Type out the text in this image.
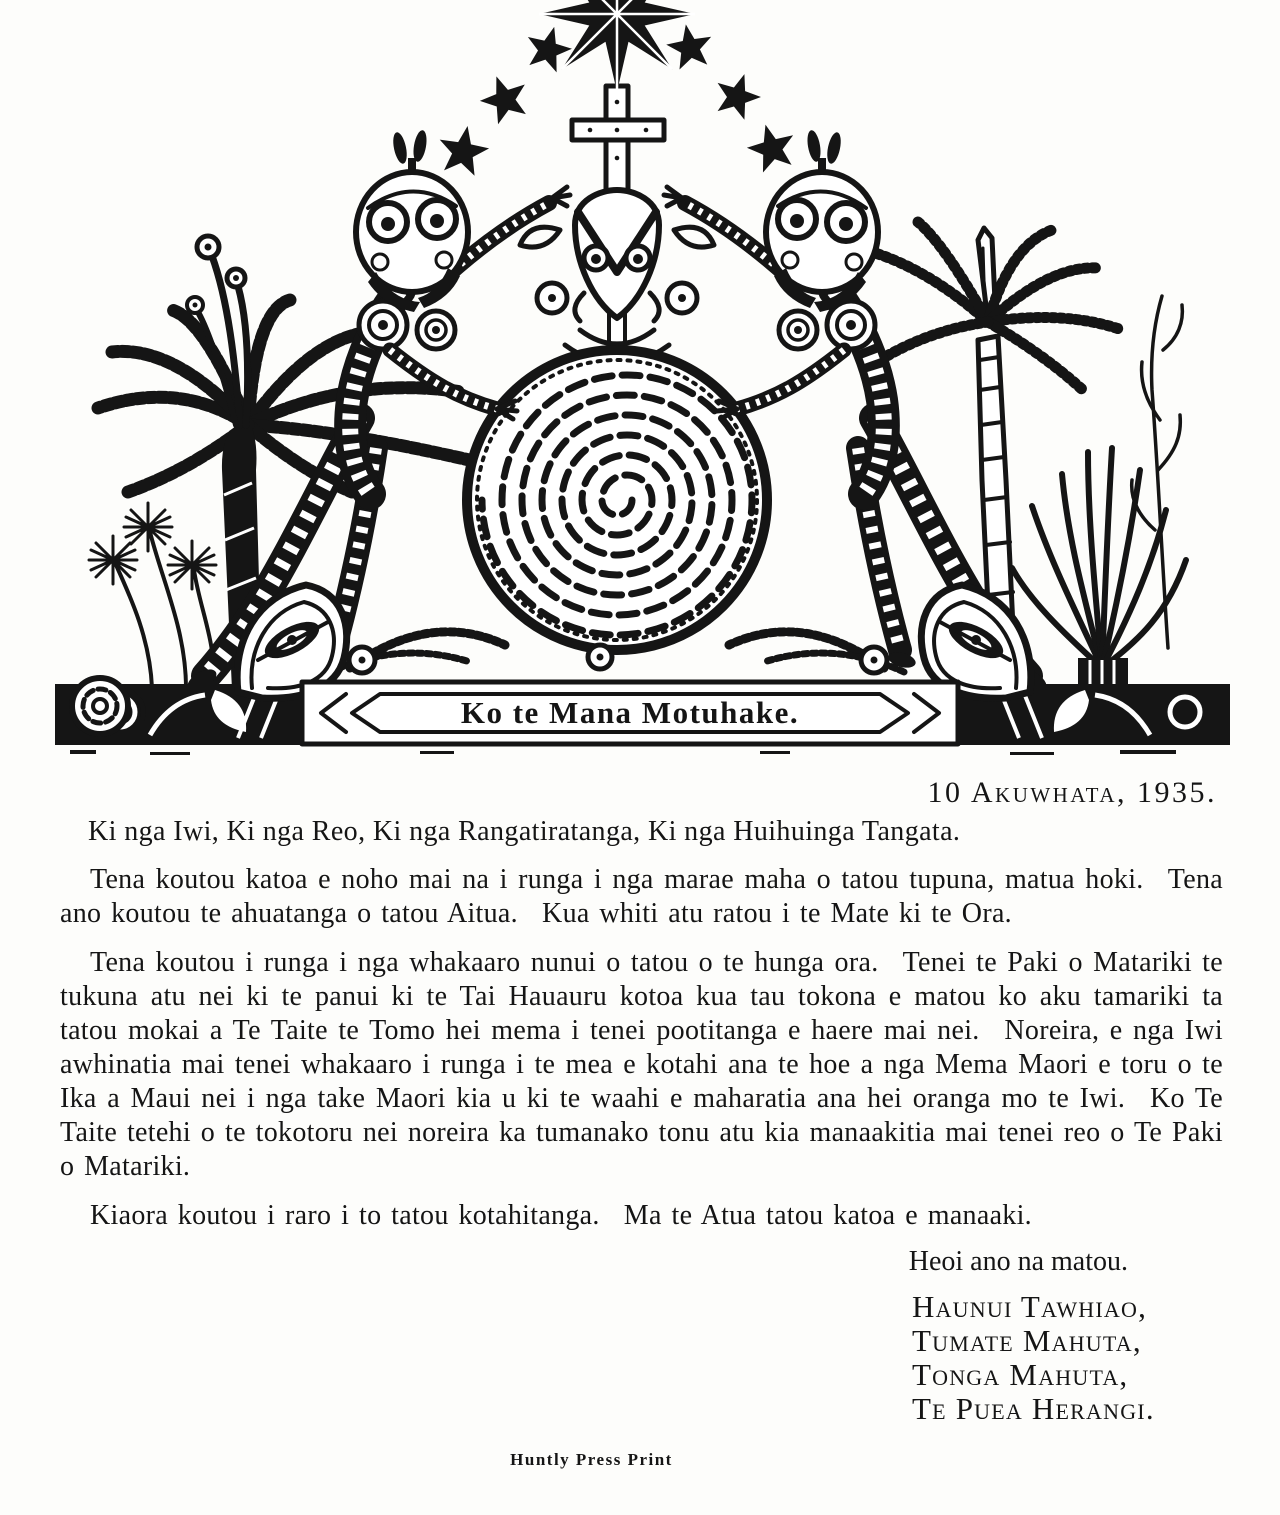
Ko te Mana Motuhake.
10 Akuwhata, 1935.

Ki nga Iwi, Ki nga Reo, Ki nga Rangatiratanga, Ki nga Huihuinga Tangata.

Tena koutou katoa e noho mai na i runga i nga marae maha o tatou tupuna, matua hoki.  Tena ano koutou te ahuatanga o tatou Aitua.  Kua whiti atu ratou i te Mate ki te Ora.

Tena koutou i runga i nga whakaaro nunui o tatou o te hunga ora.  Tenei te Paki o Matariki te tukuna atu nei ki te panui ki te Tai Hauauru kotoa kua tau tokona e matou ko aku tamariki ta tatou mokai a Te Taite te Tomo hei mema i tenei pootitanga e haere mai nei.  Noreira, e nga Iwi awhinatia mai tenei whakaaro i runga i te mea e kotahi ana te hoe a nga Mema Maori e toru o te Ika a Maui nei i nga take Maori kia u ki te waahi e maharatia ana hei oranga mo te Iwi.  Ko Te Taite tetehi o te tokotoru nei noreira ka tumanako tonu atu kia manaakitia mai tenei reo o Te Paki o Matariki.

Kiaora koutou i raro i to tatou kotahitanga.  Ma te Atua tatou katoa e manaaki.

Heoi ano na matou.
Haunui Tawhiao,
Tumate Mahuta,
Tonga Mahuta,
Te Puea Herangi.
Huntly Press Print
